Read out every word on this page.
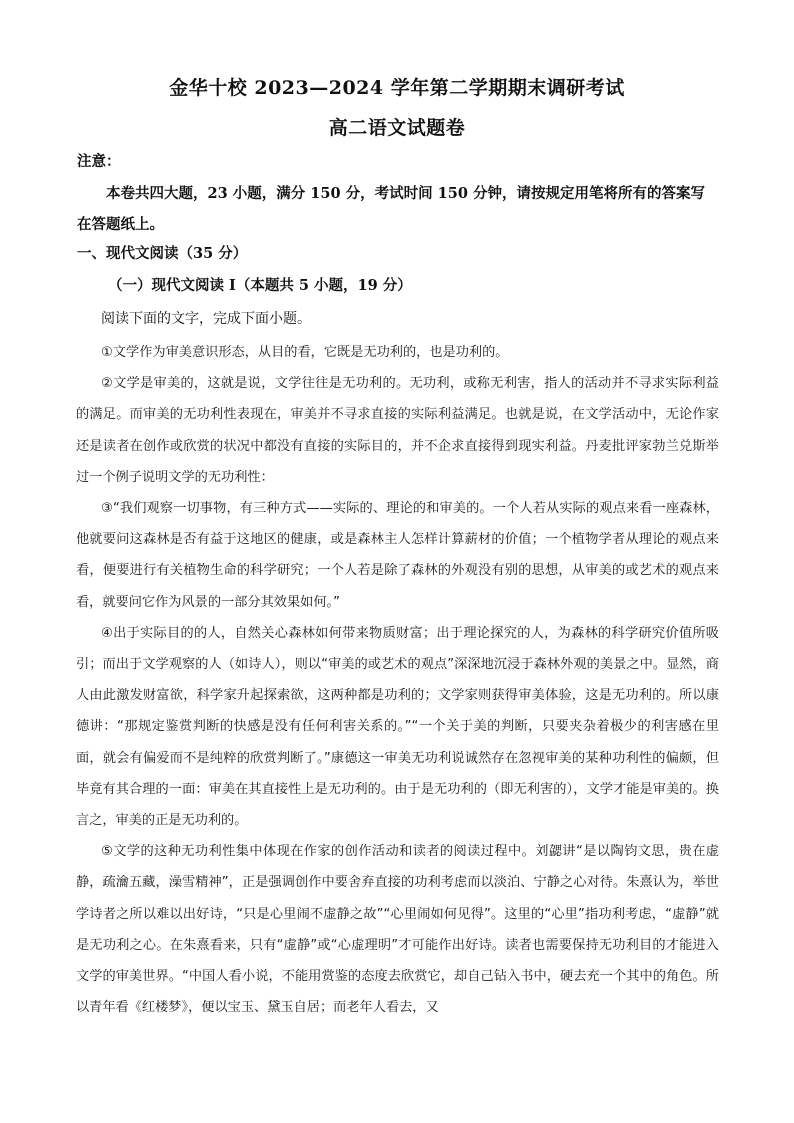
金华十校 2023—2024 学年第二学期期末调研考试
高二语文试题卷
注意：
本卷共四大题，23 小题，满分 150 分，考试时间 150 分钟，请按规定用笔将所有的答案写在答题纸上。
一、现代文阅读（35 分）
（一）现代文阅读 I（本题共 5 小题，19 分）
阅读下面的文字，完成下面小题。

①文学作为审美意识形态，从目的看，它既是无功利的，也是功利的。

②文学是审美的，这就是说，文学往往是无功利的。无功利，或称无利害，指人的活动并不寻求实际利益的满足。而审美的无功利性表现在，审美并不寻求直接的实际利益满足。也就是说，在文学活动中，无论作家还是读者在创作或欣赏的状况中都没有直接的实际目的，并不企求直接得到现实利益。丹麦批评家勃兰兑斯举过一个例子说明文学的无功利性：

③“我们观察一切事物，有三种方式——实际的、理论的和审美的。一个人若从实际的观点来看一座森林，他就要问这森林是否有益于这地区的健康，或是森林主人怎样计算薪材的价值；一个植物学者从理论的观点来看，便要进行有关植物生命的科学研究；一个人若是除了森林的外观没有别的思想，从审美的或艺术的观点来看，就要问它作为风景的一部分其效果如何。”

④出于实际目的的人，自然关心森林如何带来物质财富；出于理论探究的人，为森林的科学研究价值所吸引；而出于文学观察的人（如诗人），则以“审美的或艺术的观点”深深地沉浸于森林外观的美景之中。显然，商人由此激发财富欲，科学家升起探索欲，这两种都是功利的；文学家则获得审美体验，这是无功利的。所以康德讲：“那规定鉴赏判断的快感是没有任何利害关系的。”“一个关于美的判断，只要夹杂着极少的利害感在里面，就会有偏爱而不是纯粹的欣赏判断了。”康德这一审美无功利说诚然存在忽视审美的某种功利性的偏颇，但毕竟有其合理的一面：审美在其直接性上是无功利的。由于是无功利的（即无利害的），文学才能是审美的。换言之，审美的正是无功利的。

⑤文学的这种无功利性集中体现在作家的创作活动和读者的阅读过程中。刘勰讲“是以陶钧文思，贵在虚静，疏瀹五藏，澡雪精神”，正是强调创作中要舍弃直接的功利考虑而以淡泊、宁静之心对待。朱熹认为，举世学诗者之所以难以出好诗，“只是心里闹不虚静之故”“心里闹如何见得”。这里的“心里”指功利考虑，“虚静”就是无功利之心。在朱熹看来，只有“虚静”或“心虚理明”才可能作出好诗。读者也需要保持无功利目的才能进入文学的审美世界。“中国人看小说，不能用赏鉴的态度去欣赏它，却自己钻入书中，硬去充一个其中的角色。所以青年看《红楼梦》，便以宝玉、黛玉自居；而老年人看去，又
